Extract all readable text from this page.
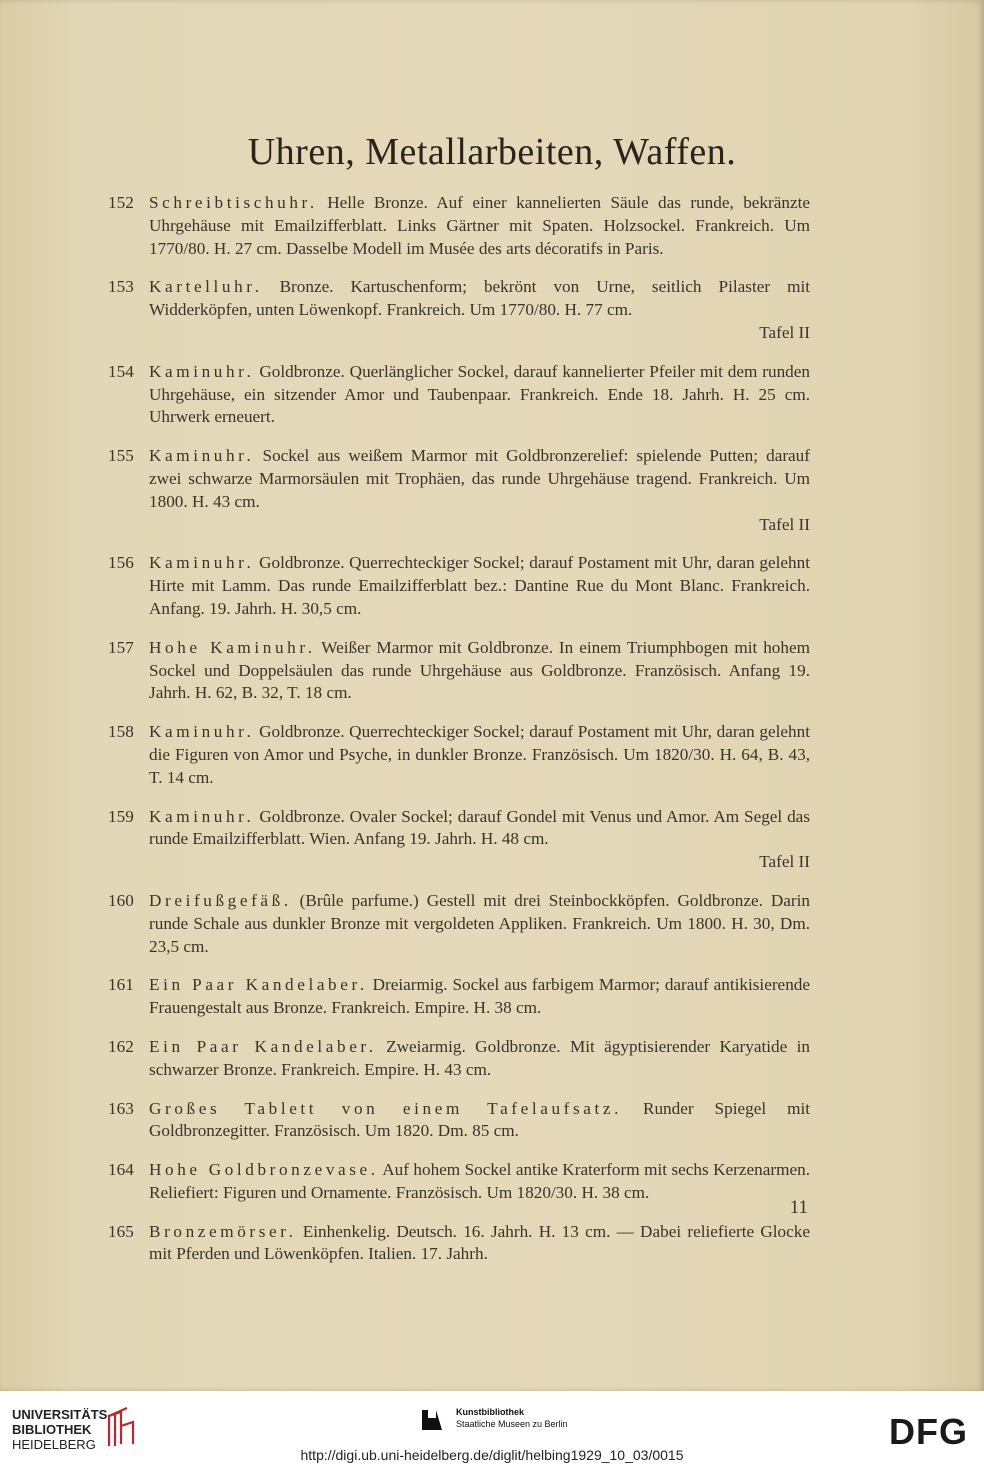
Uhren, Metallarbeiten, Waffen.
152 Schreibtischuhr. Helle Bronze. Auf einer kannelierten Säule das runde, bekränzte Uhrgehäuse mit Emailzifferblatt. Links Gärtner mit Spaten. Holzsockel. Frankreich. Um 1770/80. H. 27 cm. Dasselbe Modell im Musée des arts décoratifs in Paris.
153 Kartelluhr. Bronze. Kartuschenform; bekrönt von Urne, seitlich Pilaster mit Widderköpfen, unten Löwenkopf. Frankreich. Um 1770/80. H. 77 cm.
Tafel II
154 Kaminuhr. Goldbronze. Querlänglicher Sockel, darauf kannelierter Pfeiler mit dem runden Uhrgehäuse, ein sitzender Amor und Taubenpaar. Frankreich. Ende 18. Jahrh. H. 25 cm. Uhrwerk erneuert.
155 Kaminuhr. Sockel aus weißem Marmor mit Goldbronzerelief: spielende Putten; darauf zwei schwarze Marmorsäulen mit Trophäen, das runde Uhrgehäuse tragend. Frankreich. Um 1800. H. 43 cm.
Tafel II
156 Kaminuhr. Goldbronze. Querrechteckiger Sockel; darauf Postament mit Uhr, daran gelehnt Hirte mit Lamm. Das runde Emailzifferblatt bez.: Dantine Rue du Mont Blanc. Frankreich. Anfang. 19. Jahrh. H. 30,5 cm.
157 Hohe Kaminuhr. Weißer Marmor mit Goldbronze. In einem Triumphbogen mit hohem Sockel und Doppelsäulen das runde Uhrgehäuse aus Goldbronze. Französisch. Anfang 19. Jahrh. H. 62, B. 32, T. 18 cm.
158 Kaminuhr. Goldbronze. Querrechteckiger Sockel; darauf Postament mit Uhr, daran gelehnt die Figuren von Amor und Psyche, in dunkler Bronze. Französisch. Um 1820/30. H. 64, B. 43, T. 14 cm.
159 Kaminuhr. Goldbronze. Ovaler Sockel; darauf Gondel mit Venus und Amor. Am Segel das runde Emailzifferblatt. Wien. Anfang 19. Jahrh. H. 48 cm.
Tafel II
160 Dreifußgefäß. (Brûle parfume.) Gestell mit drei Steinbockköpfen. Goldbronze. Darin runde Schale aus dunkler Bronze mit vergoldeten Appliken. Frankreich. Um 1800. H. 30, Dm. 23,5 cm.
161 Ein Paar Kandelaber. Dreiarmig. Sockel aus farbigem Marmor; darauf antikisierende Frauengestalt aus Bronze. Frankreich. Empire. H. 38 cm.
162 Ein Paar Kandelaber. Zweiarmig. Goldbronze. Mit ägyptisierender Karyatide in schwarzer Bronze. Frankreich. Empire. H. 43 cm.
163 Großes Tablett von einem Tafelaufsatz. Runder Spiegel mit Goldbronzegitter. Französisch. Um 1820. Dm. 85 cm.
164 Hohe Goldbronzevase. Auf hohem Sockel antike Kraterform mit sechs Kerzenarmen. Reliefiert: Figuren und Ornamente. Französisch. Um 1820/30. H. 38 cm.
165 Bronzemörser. Einhenkelig. Deutsch. 16. Jahrh. H. 13 cm. — Dabei reliefierte Glocke mit Pferden und Löwenköpfen. Italien. 17. Jahrh.
11
UNIVERSITÄTS-
BIBLIOTHEK
HEIDELBERG
Kunstbibliothek
Staatliche Museen zu Berlin	DFG
http://digi.ub.uni-heidelberg.de/diglit/helbing1929_10_03/0015
